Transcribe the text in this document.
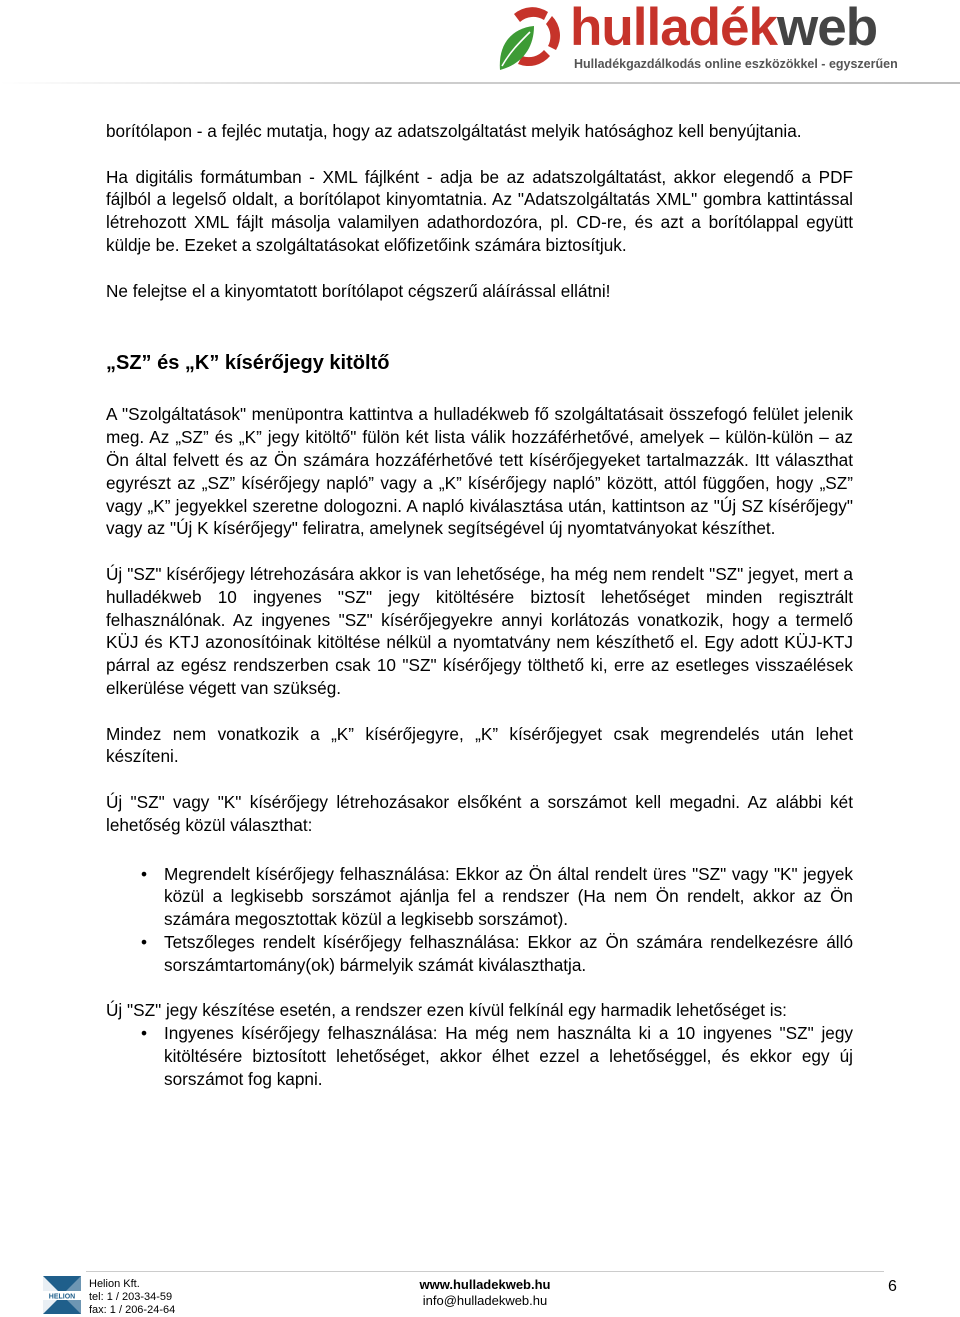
hulladékweb
Hulladékgazdálkodás online eszközökkel - egyszerűen

borítólapon - a fejléc mutatja, hogy az adatszolgáltatást melyik hatósághoz kell benyújtania.

Ha digitális formátumban - XML fájlként - adja be az adatszolgáltatást, akkor elegendő a PDF fájlból a legelső oldalt, a borítólapot kinyomtatnia. Az "Adatszolgáltatás XML" gombra kattintással létrehozott XML fájlt másolja valamilyen adathordozóra, pl. CD-re, és azt a borítólappal együtt küldje be. Ezeket a szolgáltatásokat előfizetőink számára biztosítjuk.

Ne felejtse el a kinyomtatott borítólapot cégszerű aláírással ellátni!

„SZ” és „K” kísérőjegy kitöltő

A "Szolgáltatások" menüpontra kattintva a hulladékweb fő szolgáltatásait összefogó felület jelenik meg. Az „SZ” és „K” jegy kitöltő" fülön két lista válik hozzáférhetővé, amelyek – külön-külön – az Ön által felvett és az Ön számára hozzáférhetővé tett kísérőjegyeket tartalmazzák. Itt választhat egyrészt az „SZ” kísérőjegy napló” vagy a „K” kísérőjegy napló” között, attól függően, hogy „SZ” vagy „K” jegyekkel szeretne dologozni. A napló kiválasztása után, kattintson az "Új SZ kísérőjegy" vagy az "Új K kísérőjegy" feliratra, amelynek segítségével új nyomtatványokat készíthet.

Új "SZ" kísérőjegy létrehozására akkor is van lehetősége, ha még nem rendelt "SZ" jegyet, mert a hulladékweb 10 ingyenes "SZ" jegy kitöltésére biztosít lehetőséget minden regisztrált felhasználónak. Az ingyenes "SZ" kísérőjegyekre annyi korlátozás vonatkozik, hogy a termelő KÜJ és KTJ azonosítóinak kitöltése nélkül a nyomtatvány nem készíthető el. Egy adott KÜJ-KTJ párral az egész rendszerben csak 10 "SZ" kísérőjegy tölthető ki, erre az esetleges visszaélések elkerülése végett van szükség.

Mindez nem vonatkozik a „K” kísérőjegyre, „K” kísérőjegyet csak megrendelés után lehet készíteni.

Új "SZ" vagy "K" kísérőjegy létrehozásakor elsőként a sorszámot kell megadni. Az alábbi két lehetőség közül választhat:

• Megrendelt kísérőjegy felhasználása: Ekkor az Ön által rendelt üres "SZ" vagy "K" jegyek közül a legkisebb sorszámot ajánlja fel a rendszer (Ha nem Ön rendelt, akkor az Ön számára megosztottak közül a legkisebb sorszámot).
• Tetszőleges rendelt kísérőjegy felhasználása: Ekkor az Ön számára rendelkezésre álló sorszámtartomány(ok) bármelyik számát kiválaszthatja.

Új "SZ" jegy készítése esetén, a rendszer ezen kívül felkínál egy harmadik lehetőséget is:

• Ingyenes kísérőjegy felhasználása: Ha még nem használta ki a 10 ingyenes "SZ" jegy kitöltésére biztosított lehetőséget, akkor élhet ezzel a lehetőséggel, és ekkor egy új sorszámot fog kapni.
HELION
Helion Kft.
tel: 1 / 203-34-59
fax: 1 / 206-24-64
www.hulladekweb.hu
info@hulladekweb.hu
6
